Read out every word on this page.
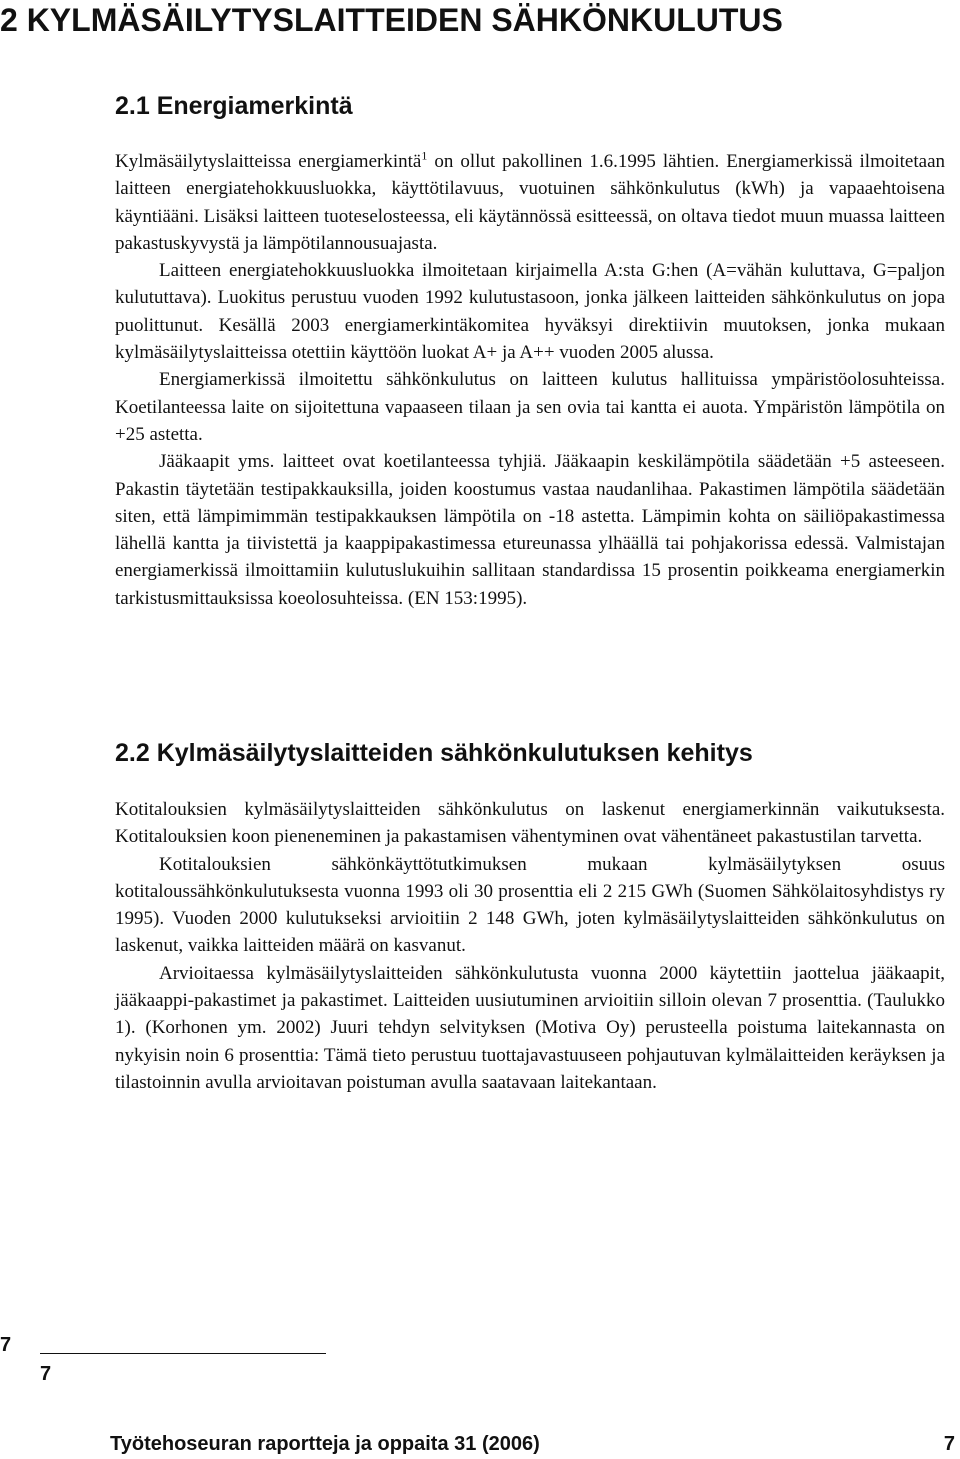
2 KYLMÄSÄILYTYSLAITTEIDEN SÄHKÖNKULUTUS
2.1 Energiamerkintä

Kylmäsäilytyslaitteissa energiamerkintä$^1$ on ollut pakollinen 1.6.1995 lähtien. Energiamerkissä ilmoitetaan laitteen energiatehokkuusluokka, käyttötilavuus, vuotuinen sähkönkulutus (kWh) ja vapaaehtoisena käyntiääni. Lisäksi laitteen tuoteselosteessa, eli käytännössä esitteessä, on oltava tiedot muun muassa laitteen pakastuskyvystä ja lämpötilannousuajasta.

Laitteen energiatehokkuusluokka ilmoitetaan kirjaimella A:sta G:hen (A=vähän kuluttava, G=paljon kulututtava). Luokitus perustuu vuoden 1992 kulutustasoon, jonka jälkeen laitteiden sähkönkulutus on jopa puolittunut. Kesällä 2003 energiamerkintäkomitea hyväksyi direktiivin muutoksen, jonka mukaan kylmäsäilytyslaitteissa otettiin käyttöön luokat A+ ja A++ vuoden 2005 alussa.

Energiamerkissä ilmoitettu sähkönkulutus on laitteen kulutus hallituissa ympäristöolosuhteissa. Koetilanteessa laite on sijoitettuna vapaaseen tilaan ja sen ovia tai kantta ei auota. Ympäristön lämpötila on +25 astetta.

Jääkaapit yms. laitteet ovat koetilanteessa tyhjiä. Jääkaapin keskilämpötila säädetään +5 asteeseen. Pakastin täytetään testipakkauksilla, joiden koostumus vastaa naudanlihaa. Pakastimen lämpötila säädetään siten, että lämpimimmän testipakkauksen lämpötila on -18 astetta. Lämpimin kohta on säiliöpakastimessa lähellä kantta ja tiivistettä ja kaappipakastimessa etureunassa ylhäällä tai pohjakorissa edessä. Valmistajan energiamerkissä ilmoittamiin kulutuslukuihin sallitaan standardissa 15 prosentin poikkeama energiamerkin tarkistusmittauksissa koeolosuhteissa. (EN 153:1995).

2.2 Kylmäsäilytyslaitteiden sähkönkulutuksen kehitys

Kotitalouksien kylmäsäilytyslaitteiden sähkönkulutus on laskenut energiamerkinnän vaikutuksesta. Kotitalouksien koon pieneneminen ja pakastamisen vähentyminen ovat vähentäneet pakastustilan tarvetta.

Kotitalouksien sähkönkäyttötutkimuksen mukaan kylmäsäilytyksen osuus kotitaloussähkönkulutuksesta vuonna 1993 oli 30 prosenttia eli 2 215 GWh (Suomen Sähkölaitosyhdistys ry 1995). Vuoden 2000 kulutukseksi arvioitiin 2 148 GWh, joten kylmäsäilytyslaitteiden sähkönkulutus on laskenut, vaikka laitteiden määrä on kasvanut.

Arvioitaessa kylmäsäilytyslaitteiden sähkönkulutusta vuonna 2000 käytettiin jaottelua jääkaapit, jääkaappi-pakastimet ja pakastimet. Laitteiden uusiutuminen arvioitiin silloin olevan 7 prosenttia. (Taulukko 1). (Korhonen ym. 2002) Juuri tehdyn selvityksen (Motiva Oy) perusteella poistuma laitekannasta on nykyisin noin 6 prosenttia: Tämä tieto perustuu tuottajavastuuseen pohjautuvan kylmälaitteiden keräyksen ja tilastoinnin avulla arvioitavan poistuman avulla saatavaan laitekantaan.

7
7
Työtehoseuran raportteja ja oppaita 31 (2006)	7
